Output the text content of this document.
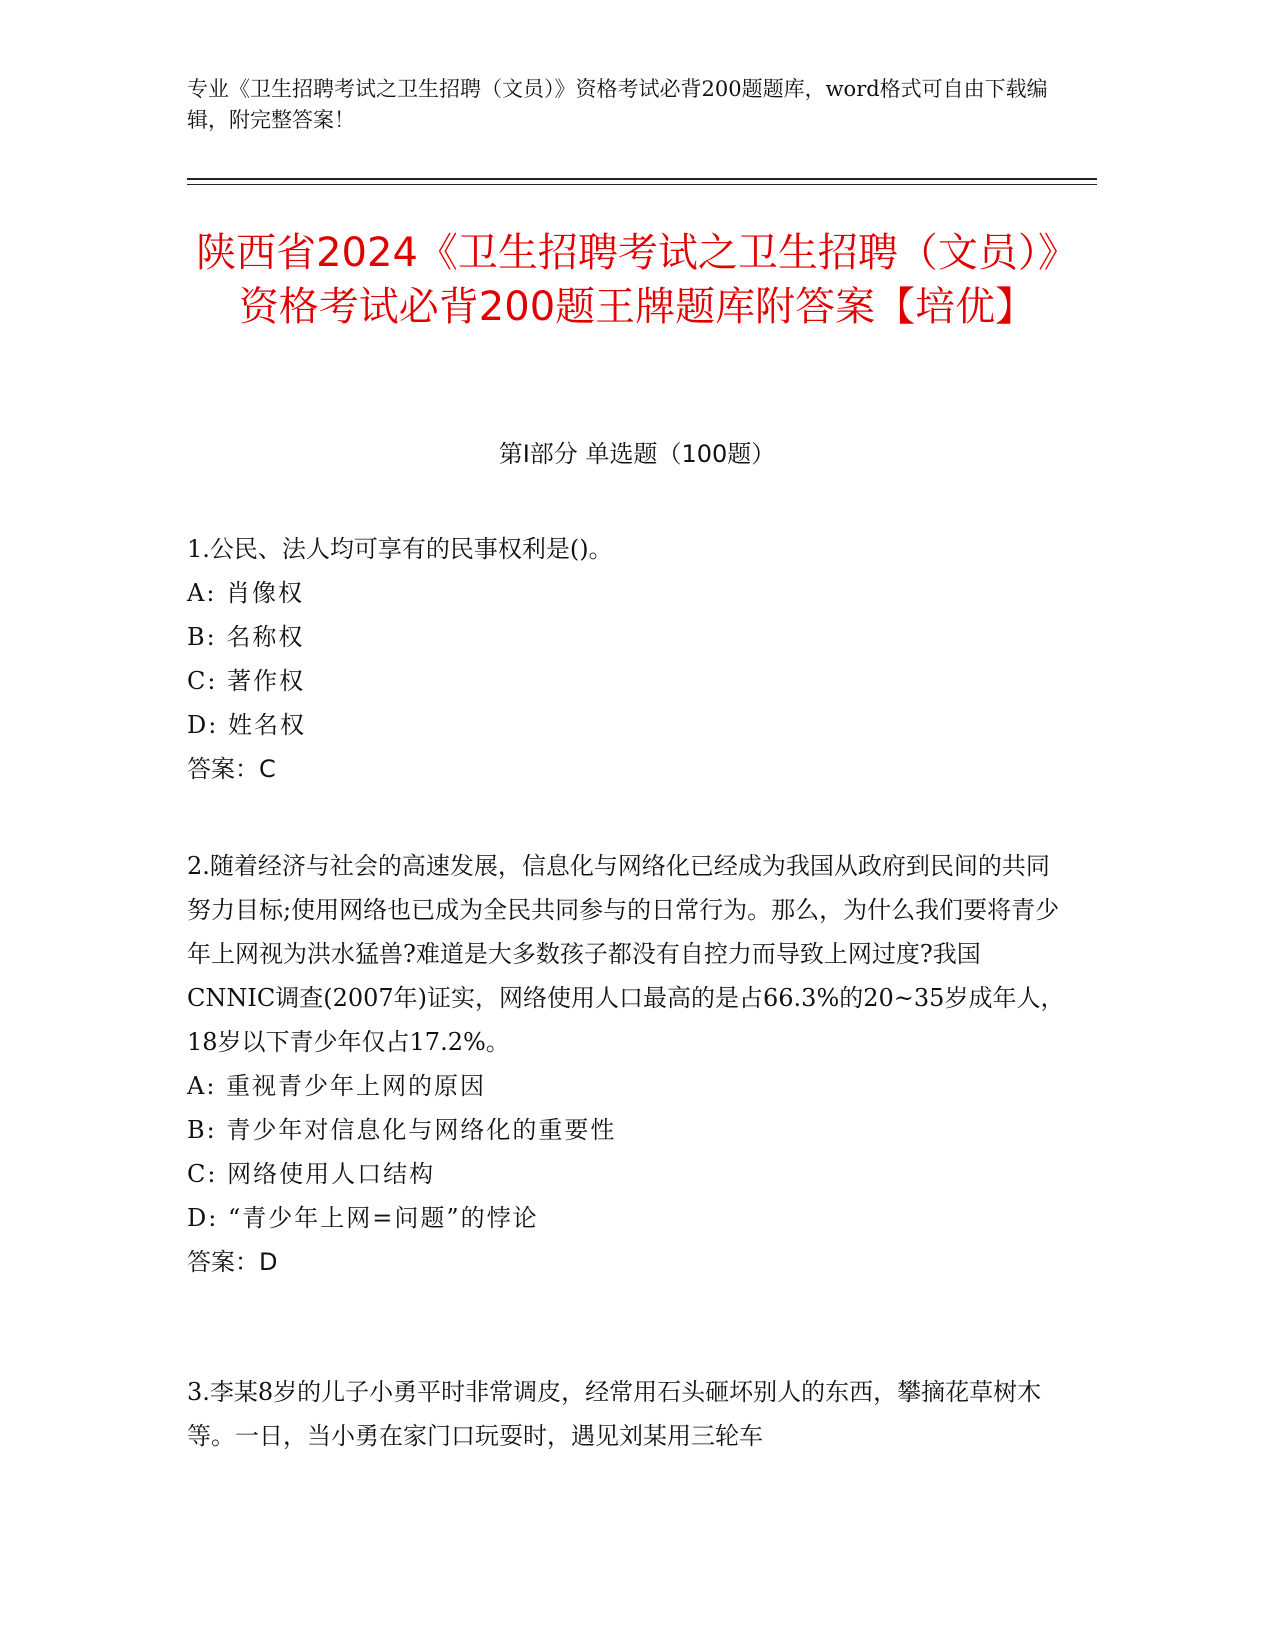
专业《卫生招聘考试之卫生招聘（文员）》资格考试必背200题题库，word格式可自由下载编辑，附完整答案！
陕西省2024《卫生招聘考试之卫生招聘（文员）》资格考试必背200题王牌题库附答案【培优】
第I部分 单选题（100题）
1.公民、法人均可享有的民事权利是()。
A: 肖像权
B: 名称权
C: 著作权
D: 姓名权
答案：C
2.随着经济与社会的高速发展，信息化与网络化已经成为我国从政府到民间的共同努力目标;使用网络也已成为全民共同参与的日常行为。那么，为什么我们要将青少年上网视为洪水猛兽?难道是大多数孩子都没有自控力而导致上网过度?我国CNNIC调查(2007年)证实，网络使用人口最高的是占66.3%的20~35岁成年人，18岁以下青少年仅占17.2%。
A: 重视青少年上网的原因
B: 青少年对信息化与网络化的重要性
C: 网络使用人口结构
D: “青少年上网=问题”的悖论
答案：D
3.李某8岁的儿子小勇平时非常调皮，经常用石头砸坏别人的东西，攀摘花草树木等。一日，当小勇在家门口玩耍时，遇见刘某用三轮车
